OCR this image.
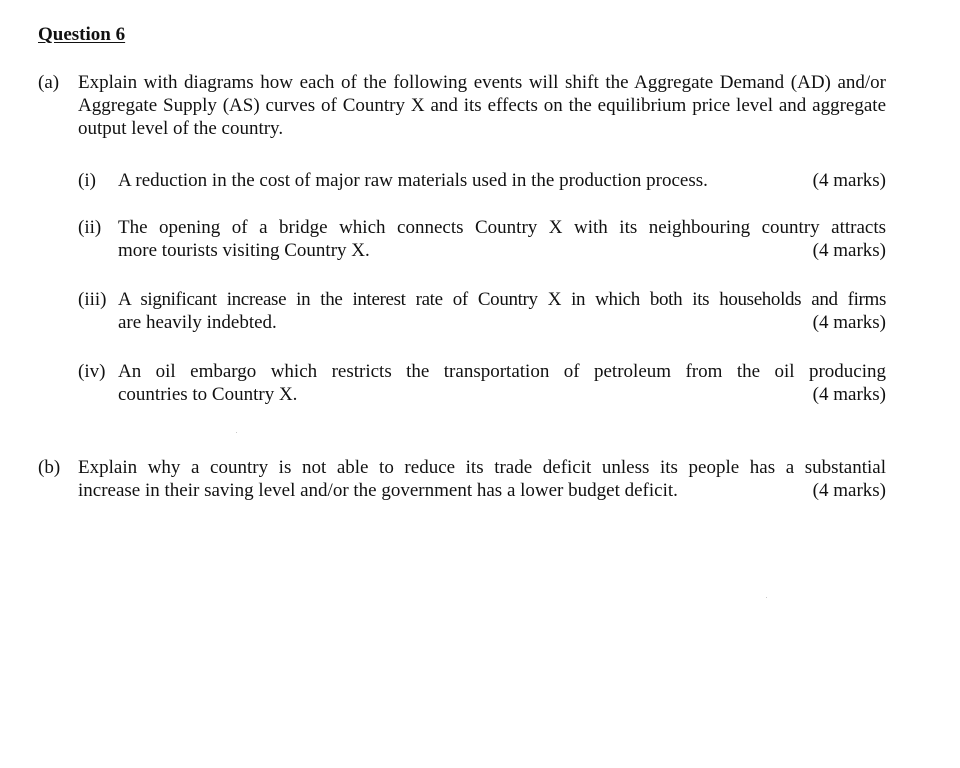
Question 6
(a) Explain with diagrams how each of the following events will shift the Aggregate Demand (AD) and/or Aggregate Supply (AS) curves of Country X and its effects on the equilibrium price level and aggregate output level of the country.
(i) A reduction in the cost of major raw materials used in the production process.	(4 marks)
(ii) The opening of a bridge which connects Country X with its neighbouring country attracts
more tourists visiting Country X.	(4 marks)
(iii) A significant increase in the interest rate of Country X in which both its households and firms
are heavily indebted.	(4 marks)
(iv) An oil embargo which restricts the transportation of petroleum from the oil producing
countries to Country X.	(4 marks)
(b) Explain why a country is not able to reduce its trade deficit unless its people has a substantial
increase in their saving level and/or the government has a lower budget deficit.	(4 marks)
